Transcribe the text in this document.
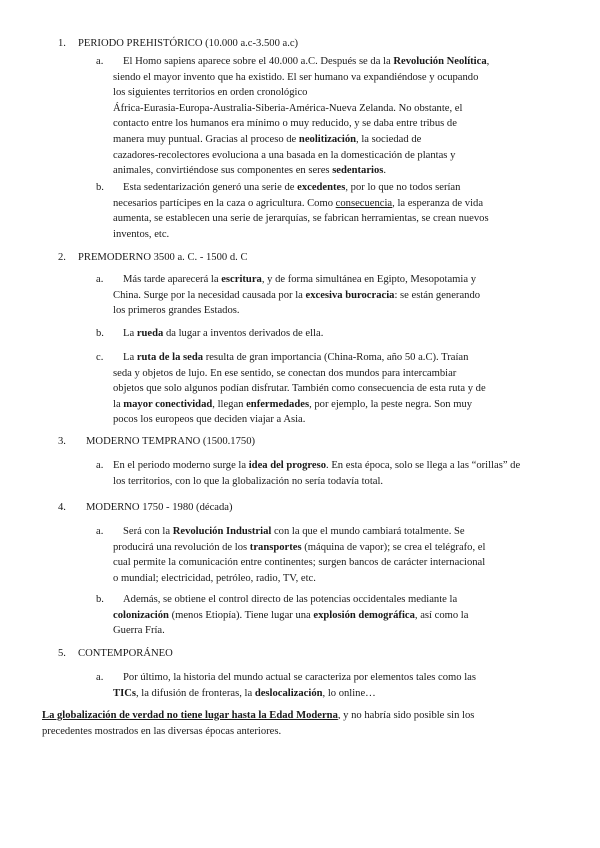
1. PERIODO PREHISTÓRICO (10.000 a.c-3.500 a.c)
a.	El Homo sapiens aparece sobre el 40.000 a.C. Después se da la Revolución Neolítica,
siendo el mayor invento que ha existido. El ser humano va expandiéndose y ocupando
los siguientes territorios en orden cronológico
África-Eurasia-Europa-Australia-Siberia-América-Nueva Zelanda. No obstante, el
contacto entre los humanos era mínimo o muy reducido, y se daba entre tribus de
manera muy puntual. Gracias al proceso de neolitización, la sociedad de
cazadores-recolectores evoluciona a una basada en la domesticación de plantas y
animales, convirtiéndose sus componentes en seres sedentarios.
b.	Esta sedentarización generó una serie de excedentes, por lo que no todos serían
necesarios partícipes en la caza o agricultura. Como consecuencia, la esperanza de vida
aumenta, se establecen una serie de jerarquías, se fabrican herramientas, se crean nuevos
inventos, etc.
2. PREMODERNO 3500 a. C. - 1500 d. C
a.	Más tarde aparecerá la escritura, y de forma simultánea en Egipto, Mesopotamia y
China. Surge por la necesidad causada por la excesiva burocracia: se están generando
los primeros grandes Estados.
b.	La rueda da lugar a inventos derivados de ella.
c.	La ruta de la seda resulta de gran importancia (China-Roma, año 50 a.C). Traían
seda y objetos de lujo. En ese sentido, se conectan dos mundos para intercambiar
objetos que solo algunos podían disfrutar. También como consecuencia de esta ruta y de
la mayor conectividad, llegan enfermedades, por ejemplo, la peste negra. Son muy
pocos los europeos que deciden viajar a Asia.
3. MODERNO TEMPRANO (1500.1750)
a. En el periodo moderno surge la idea del progreso. En esta época, solo se llega a las “orillas” de
los territorios, con lo que la globalización no sería todavía total.
4. MODERNO 1750 - 1980 (década)
a.	Será con la Revolución Industrial con la que el mundo cambiará totalmente. Se
producirá una revolución de los transportes (máquina de vapor); se crea el telégrafo, el
cual permite la comunicación entre continentes; surgen bancos de carácter internacional
o mundial; electricidad, petróleo, radio, TV, etc.
b.	Además, se obtiene el control directo de las potencias occidentales mediante la
colonización (menos Etiopía). Tiene lugar una explosión demográfica, así como la
Guerra Fría.
5. CONTEMPORÁNEO
a.	Por último, la historia del mundo actual se caracteriza por elementos tales como las
TICs, la difusión de fronteras, la deslocalización, lo online…
La globalización de verdad no tiene lugar hasta la Edad Moderna, y no habría sido posible sin los
precedentes mostrados en las diversas épocas anteriores.
